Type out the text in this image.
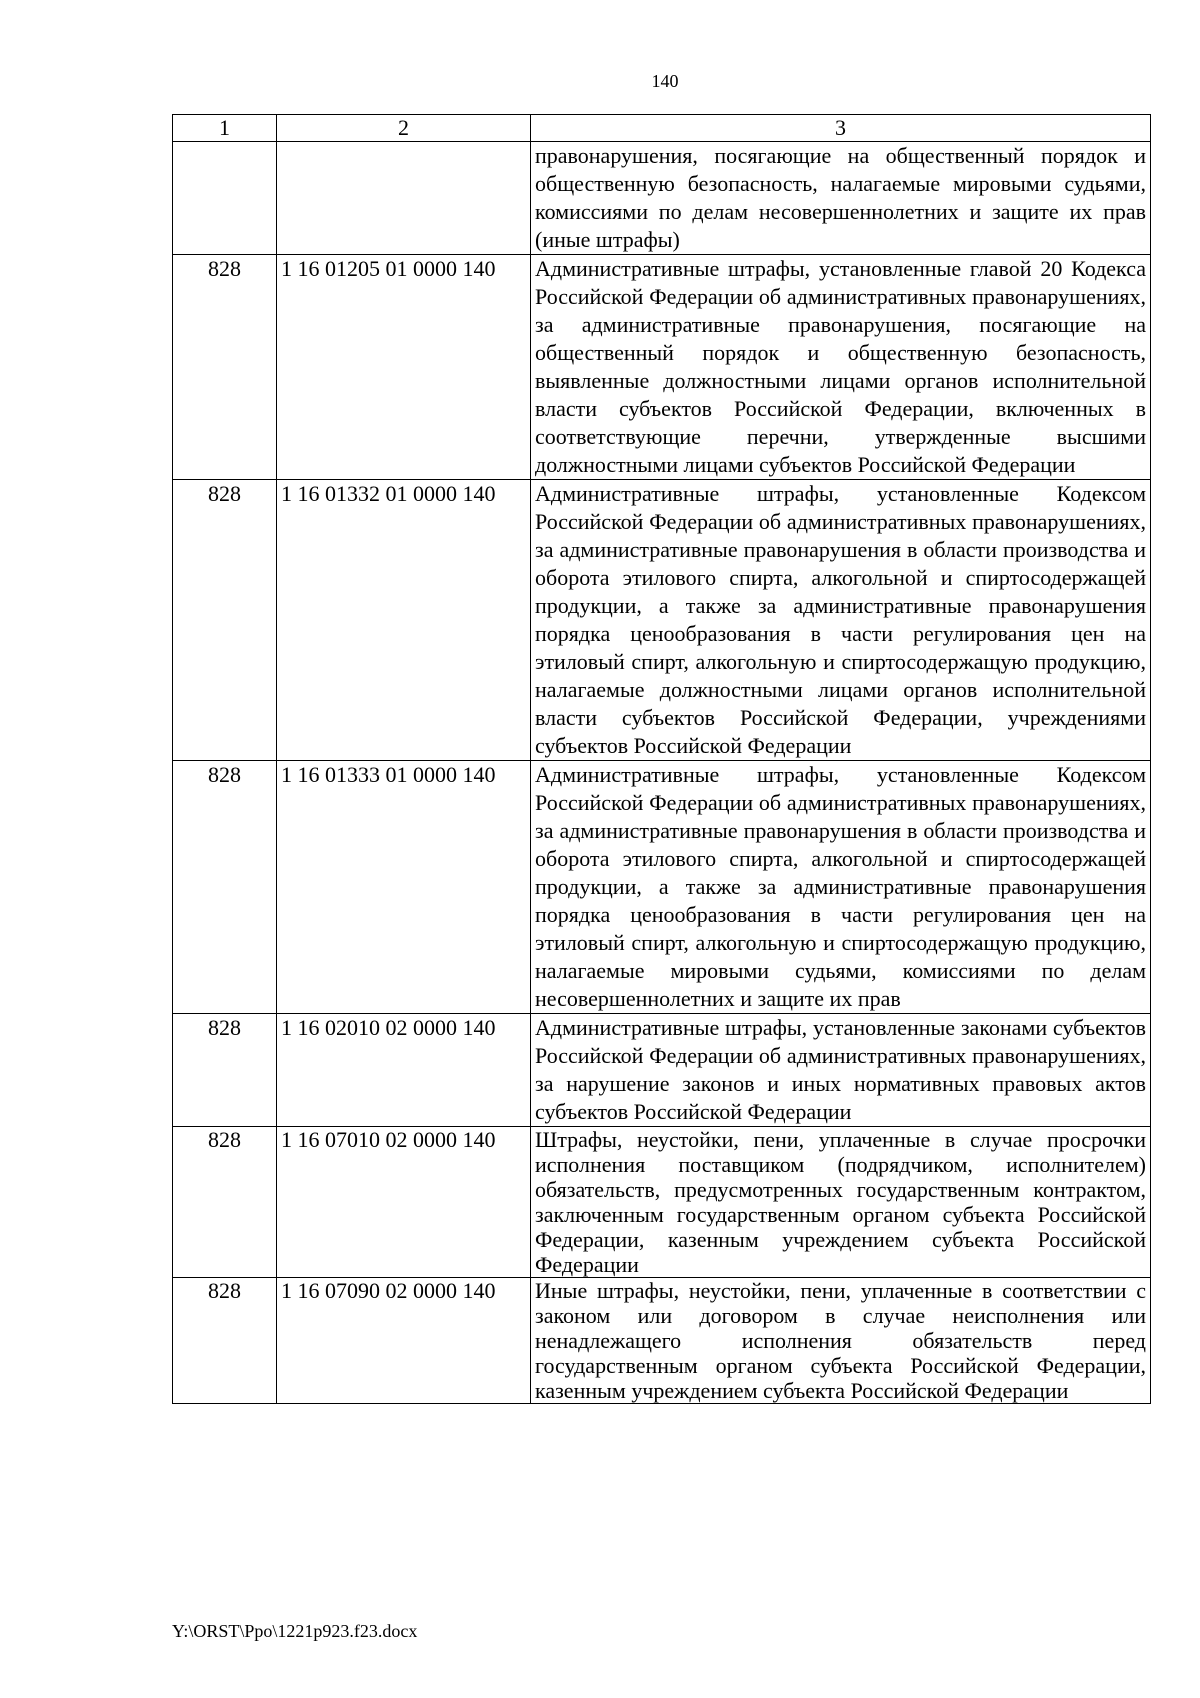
140
1	2	3
		правонарушения, посягающие на общественный порядок и общественную безопасность, налагаемые мировыми судьями, комиссиями по делам несовершеннолетних и защите их прав (иные штрафы)
828	1 16 01205 01 0000 140	Административные штрафы, установленные главой 20 Кодекса Российской Федерации об административных правонарушениях, за административные правонарушения, посягающие на общественный порядок и общественную безопасность, выявленные должностными лицами органов исполнительной власти субъектов Российской Федерации, включенных в соответствующие перечни, утвержденные высшими должностными лицами субъектов Российской Федерации
828	1 16 01332 01 0000 140	Административные штрафы, установленные Кодексом Российской Федерации об административных правонарушениях, за административные правонарушения в области производства и оборота этилового спирта, алкогольной и спиртосодержащей продукции, а также за административные правонарушения порядка ценообразования в части регулирования цен на этиловый спирт, алкогольную и спиртосодержащую продукцию, налагаемые должностными лицами органов исполнительной власти субъектов Российской Федерации, учреждениями субъектов Российской Федерации
828	1 16 01333 01 0000 140	Административные штрафы, установленные Кодексом Российской Федерации об административных правонарушениях, за административные правонарушения в области производства и оборота этилового спирта, алкогольной и спиртосодержащей продукции, а также за административные правонарушения порядка ценообразования в части регулирования цен на этиловый спирт, алкогольную и спиртосодержащую продукцию, налагаемые мировыми судьями, комиссиями по делам несовершеннолетних и защите их прав
828	1 16 02010 02 0000 140	Административные штрафы, установленные законами субъектов Российской Федерации об административных правонарушениях, за нарушение законов и иных нормативных правовых актов субъектов Российской Федерации
828	1 16 07010 02 0000 140	Штрафы, неустойки, пени, уплаченные в случае просрочки исполнения поставщиком (подрядчиком, исполнителем) обязательств, предусмотренных государственным контрактом, заключенным государственным органом субъекта Российской Федерации, казенным учреждением субъекта Российской Федерации
828	1 16 07090 02 0000 140	Иные штрафы, неустойки, пени, уплаченные в соответствии с законом или договором в случае неисполнения или ненадлежащего исполнения обязательств перед государственным органом субъекта Российской Федерации, казенным учреждением субъекта Российской Федерации
Y:\ORST\Ppo\1221p923.f23.docx
